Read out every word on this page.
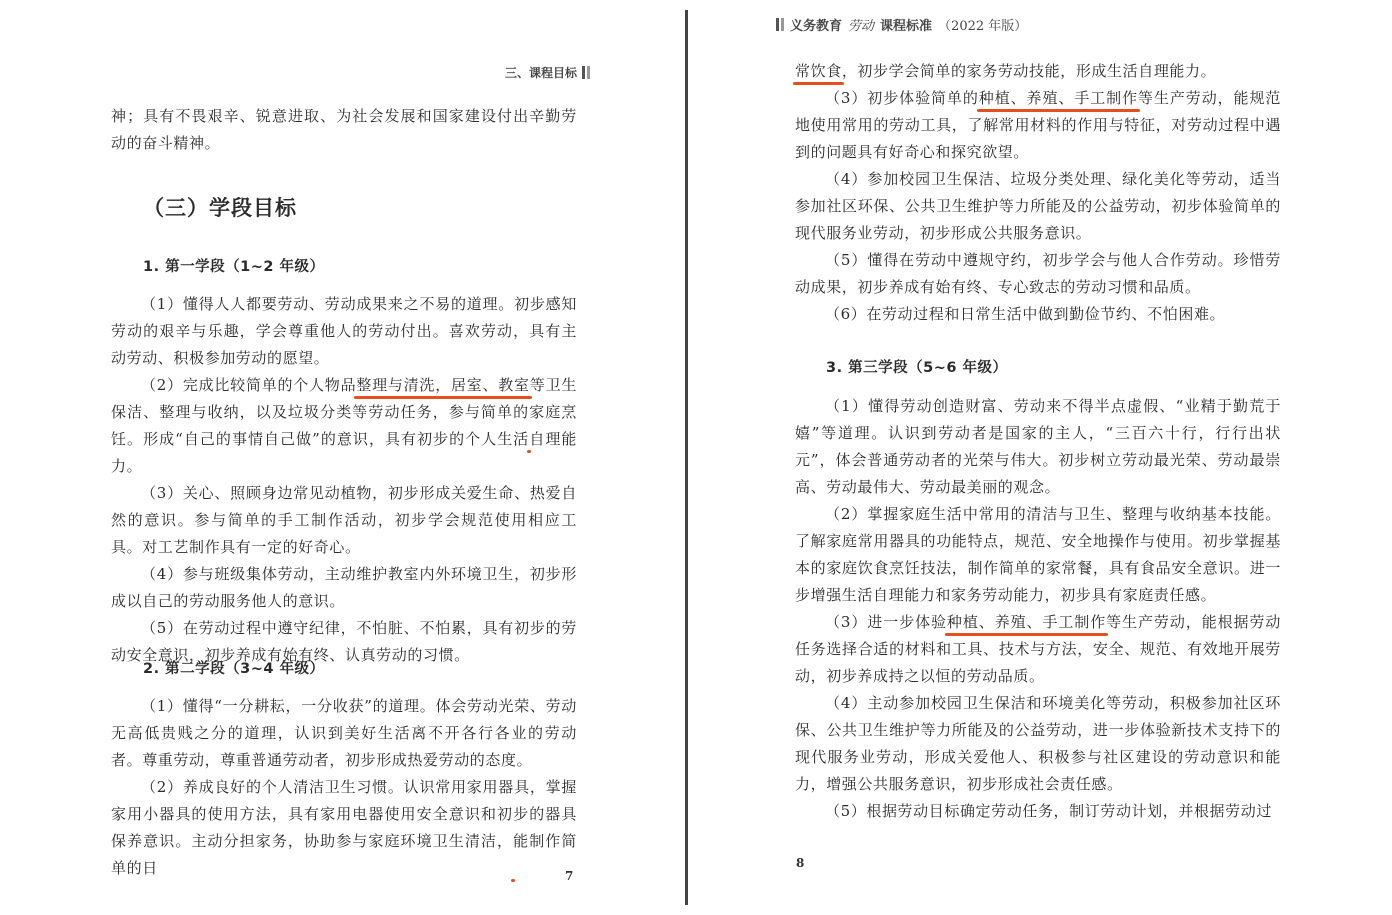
三、课程目标

神；具有不畏艰辛、锐意进取、为社会发展和国家建设付出辛勤劳动的奋斗精神。

（三）学段目标
1. 第一学段（1~2 年级）

（1）懂得人人都要劳动、劳动成果来之不易的道理。初步感知劳动的艰辛与乐趣，学会尊重他人的劳动付出。喜欢劳动，具有主动劳动、积极参加劳动的愿望。

（2）完成比较简单的个人物品整理与清洗，居室、教室等卫生保洁、整理与收纳，以及垃圾分类等劳动任务，参与简单的家庭烹饪。形成“自己的事情自己做”的意识，具有初步的个人生活自理能力。

（3）关心、照顾身边常见动植物，初步形成关爱生命、热爱自然的意识。参与简单的手工制作活动，初步学会规范使用相应工具。对工艺制作具有一定的好奇心。

（4）参与班级集体劳动，主动维护教室内外环境卫生，初步形成以自己的劳动服务他人的意识。

（5）在劳动过程中遵守纪律，不怕脏、不怕累，具有初步的劳动安全意识，初步养成有始有终、认真劳动的习惯。

2. 第二学段（3~4 年级）

（1）懂得“一分耕耘，一分收获”的道理。体会劳动光荣、劳动无高低贵贱之分的道理，认识到美好生活离不开各行各业的劳动者。尊重劳动，尊重普通劳动者，初步形成热爱劳动的态度。

（2）养成良好的个人清洁卫生习惯。认识常用家用器具，掌握家用小器具的使用方法，具有家用电器使用安全意识和初步的器具保养意识。主动分担家务，协助参与家庭环境卫生清洁，能制作简单的日	7
义务教育 劳动 课程标准 （2022 年版）

常饮食，初步学会简单的家务劳动技能，形成生活自理能力。

（3）初步体验简单的种植、养殖、手工制作等生产劳动，能规范地使用常用的劳动工具，了解常用材料的作用与特征，对劳动过程中遇到的问题具有好奇心和探究欲望。

（4）参加校园卫生保洁、垃圾分类处理、绿化美化等劳动，适当参加社区环保、公共卫生维护等力所能及的公益劳动，初步体验简单的现代服务业劳动，初步形成公共服务意识。

（5）懂得在劳动中遵规守约，初步学会与他人合作劳动。珍惜劳动成果，初步养成有始有终、专心致志的劳动习惯和品质。

（6）在劳动过程和日常生活中做到勤俭节约、不怕困难。

3. 第三学段（5~6 年级）

（1）懂得劳动创造财富、劳动来不得半点虚假、“业精于勤荒于嬉”等道理。认识到劳动者是国家的主人，“三百六十行，行行出状元”，体会普通劳动者的光荣与伟大。初步树立劳动最光荣、劳动最崇高、劳动最伟大、劳动最美丽的观念。

（2）掌握家庭生活中常用的清洁与卫生、整理与收纳基本技能。了解家庭常用器具的功能特点，规范、安全地操作与使用。初步掌握基本的家庭饮食烹饪技法，制作简单的家常餐，具有食品安全意识。进一步增强生活自理能力和家务劳动能力，初步具有家庭责任感。

（3）进一步体验种植、养殖、手工制作等生产劳动，能根据劳动任务选择合适的材料和工具、技术与方法，安全、规范、有效地开展劳动，初步养成持之以恒的劳动品质。

（4）主动参加校园卫生保洁和环境美化等劳动，积极参加社区环保、公共卫生维护等力所能及的公益劳动，进一步体验新技术支持下的现代服务业劳动，形成关爱他人、积极参与社区建设的劳动意识和能力，增强公共服务意识，初步形成社会责任感。

（5）根据劳动目标确定劳动任务，制订劳动计划，并根据劳动过

8
